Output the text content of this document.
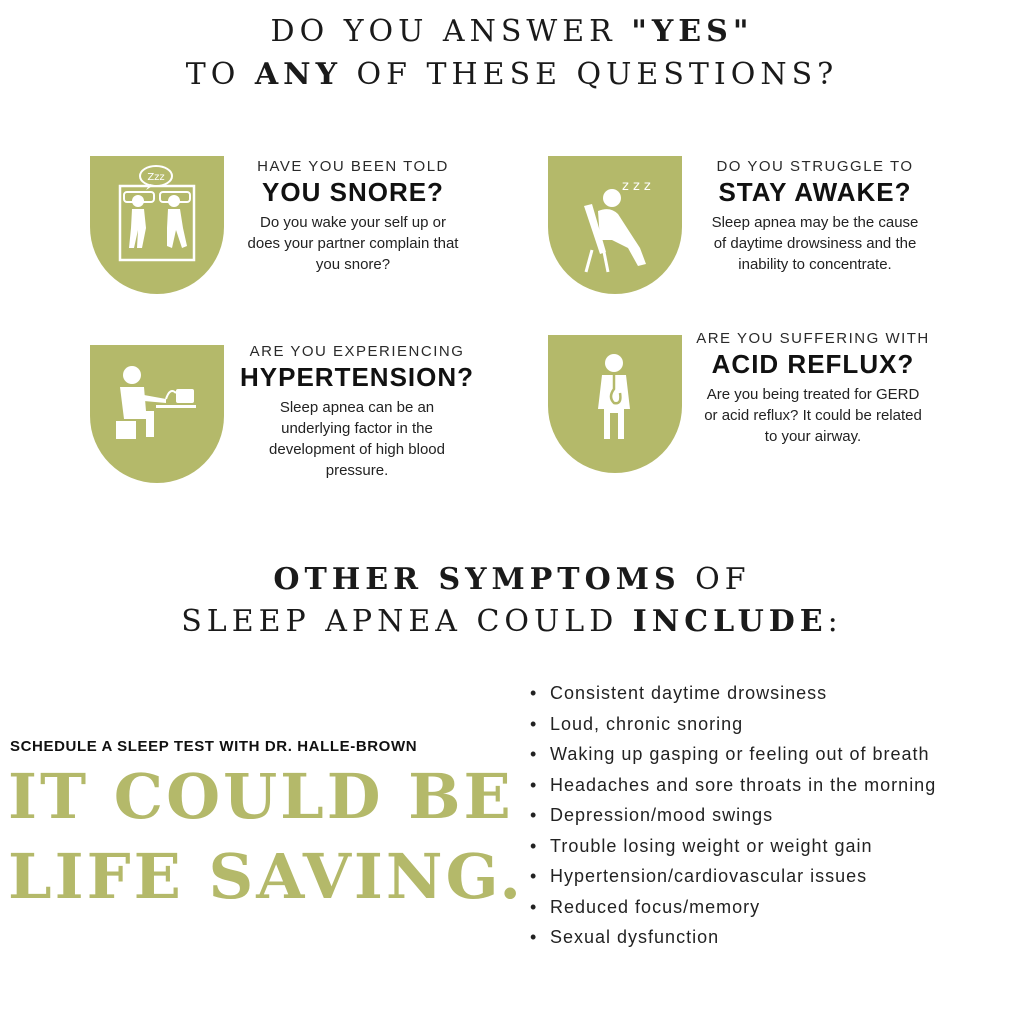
DO YOU ANSWER "YES"
TO ANY OF THESE QUESTIONS?
Zzz
HAVE YOU BEEN TOLD
YOU SNORE?
Do you wake your self up or does your partner complain that you snore?
z z z
DO YOU STRUGGLE TO
STAY AWAKE?
Sleep apnea may be the cause of daytime drowsiness and the inability to concentrate.
ARE YOU EXPERIENCING
HYPERTENSION?
Sleep apnea can be an underlying factor in the development of high blood pressure.
ARE YOU SUFFERING WITH
ACID REFLUX?
Are you being treated for GERD or acid reflux? It could be related to your airway.
OTHER SYMPTOMS OF
SLEEP APNEA COULD INCLUDE:
SCHEDULE A SLEEP TEST WITH DR. HALLE-BROWN
IT COULD BE
LIFE SAVING.
• Consistent daytime drowsiness
• Loud, chronic snoring
• Waking up gasping or feeling out of breath
• Headaches and sore throats in the morning
• Depression/mood swings
• Trouble losing weight or weight gain
• Hypertension/cardiovascular issues
• Reduced focus/memory
• Sexual dysfunction
